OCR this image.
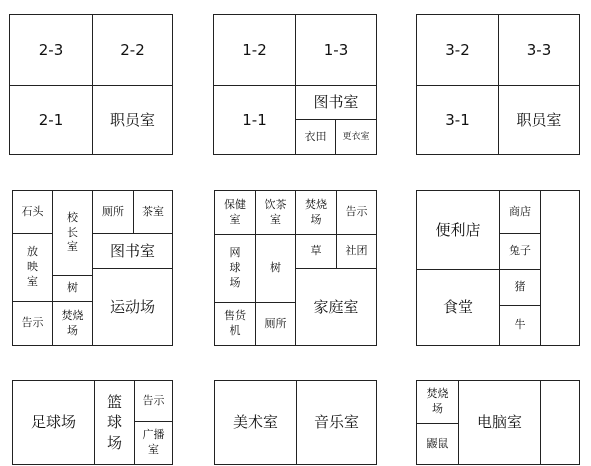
2-3	2-2
2-1	职员室
1-2	1-3
1-1
图书室
衣田 更衣室
3-2	3-3
3-1	职员室
石头 校长室
厕所 茶室
放映室
图书室
树
运动场
告示
焚烧场
保健室
饮茶室
焚烧场
告示
网球场
树
草 社团
家庭室
售货机
厕所
便利店
商店
兔子
食堂
猪
牛
足球场
篮球场
告示
广播室
美术室 音乐室
焚烧场
鼹鼠
电脑室
